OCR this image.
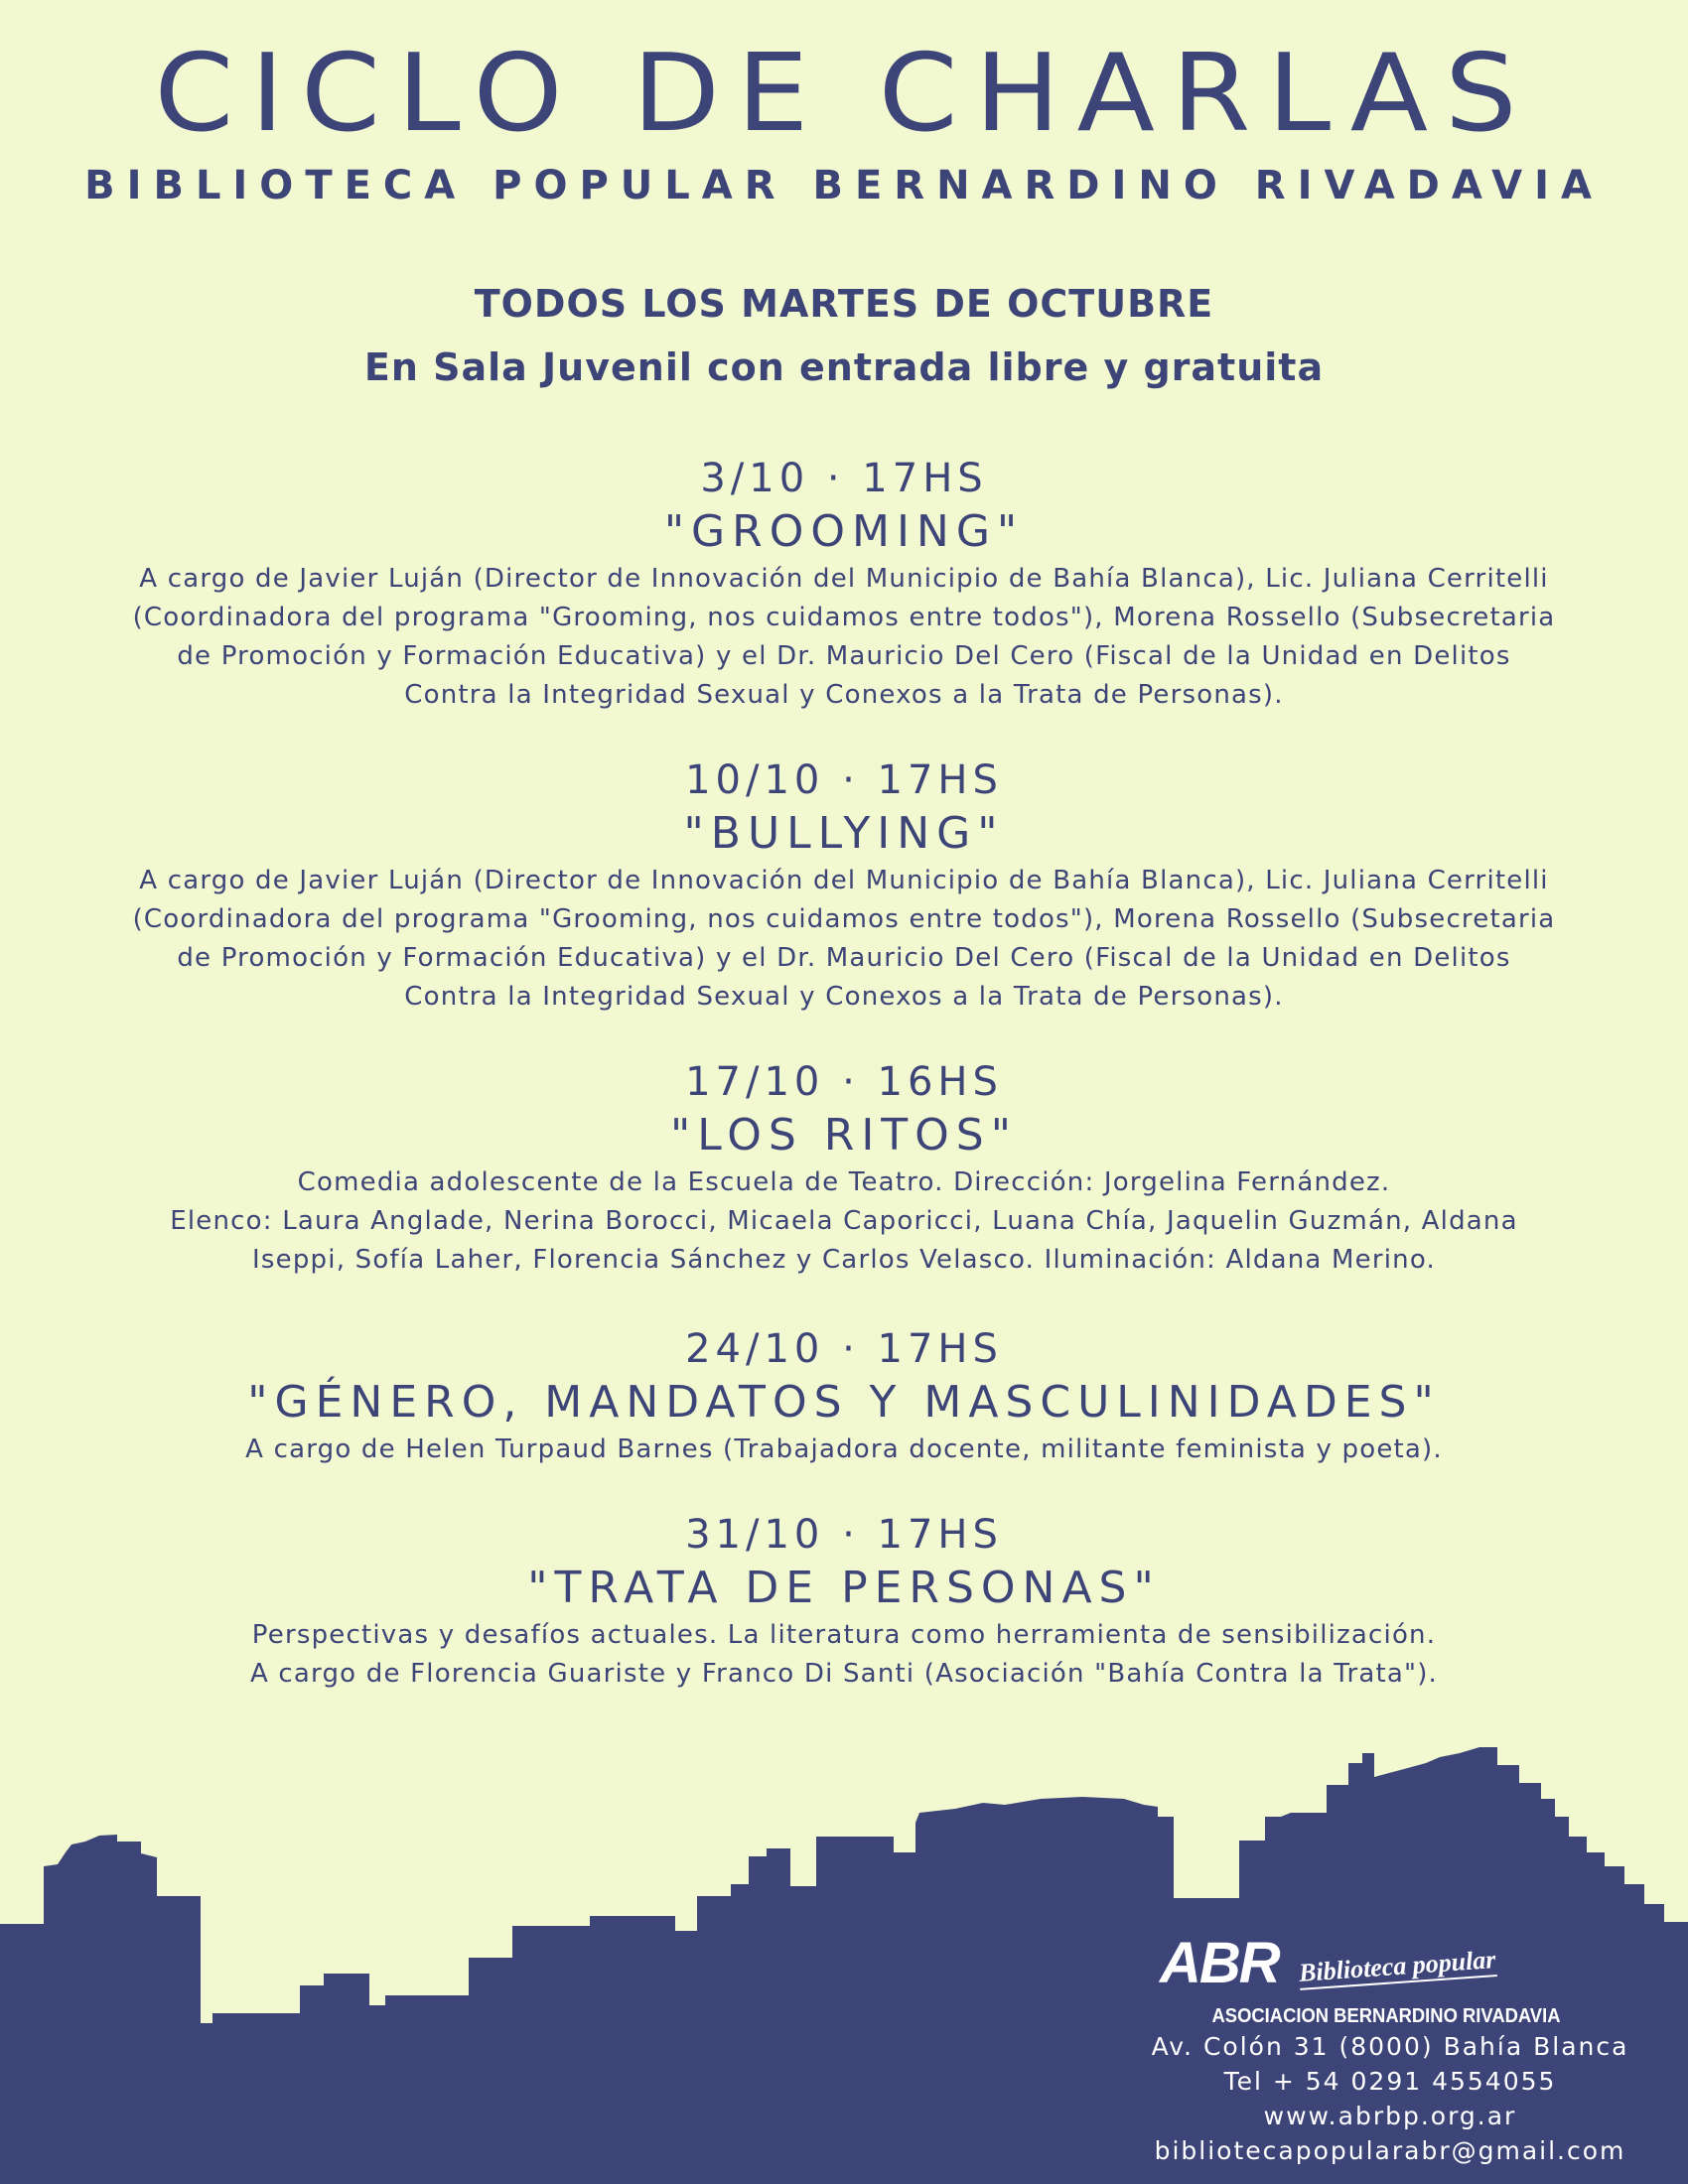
CICLO DE CHARLAS
BIBLIOTECA POPULAR BERNARDINO RIVADAVIA
TODOS LOS MARTES DE OCTUBRE
En Sala Juvenil con entrada libre y gratuita
3/10 · 17HS
"GROOMING"
A cargo de Javier Luján (Director de Innovación del Municipio de Bahía Blanca), Lic. Juliana Cerritelli
(Coordinadora del programa "Grooming, nos cuidamos entre todos"), Morena Rossello (Subsecretaria
de Promoción y Formación Educativa) y el Dr. Mauricio Del Cero (Fiscal de la Unidad en Delitos
Contra la Integridad Sexual y Conexos a la Trata de Personas).
10/10 · 17HS
"BULLYING"
A cargo de Javier Luján (Director de Innovación del Municipio de Bahía Blanca), Lic. Juliana Cerritelli
(Coordinadora del programa "Grooming, nos cuidamos entre todos"), Morena Rossello (Subsecretaria
de Promoción y Formación Educativa) y el Dr. Mauricio Del Cero (Fiscal de la Unidad en Delitos
Contra la Integridad Sexual y Conexos a la Trata de Personas).
17/10 · 16HS
"LOS RITOS"
Comedia adolescente de la Escuela de Teatro. Dirección: Jorgelina Fernández.
Elenco: Laura Anglade, Nerina Borocci, Micaela Caporicci, Luana Chía, Jaquelin Guzmán, Aldana
Iseppi, Sofía Laher, Florencia Sánchez y Carlos Velasco. Iluminación: Aldana Merino.
24/10 · 17HS
"GÉNERO, MANDATOS Y MASCULINIDADES"
A cargo de Helen Turpaud Barnes (Trabajadora docente, militante feminista y poeta).
31/10 · 17HS
"TRATA DE PERSONAS"
Perspectivas y desafíos actuales. La literatura como herramienta de sensibilización.
A cargo de Florencia Guariste y Franco Di Santi (Asociación "Bahía Contra la Trata").
ABR Biblioteca popular
ASOCIACION BERNARDINO RIVADAVIA
Av. Colón 31 (8000) Bahía Blanca
Tel + 54 0291 4554055
www.abrbp.org.ar
bibliotecapopularabr@gmail.com
